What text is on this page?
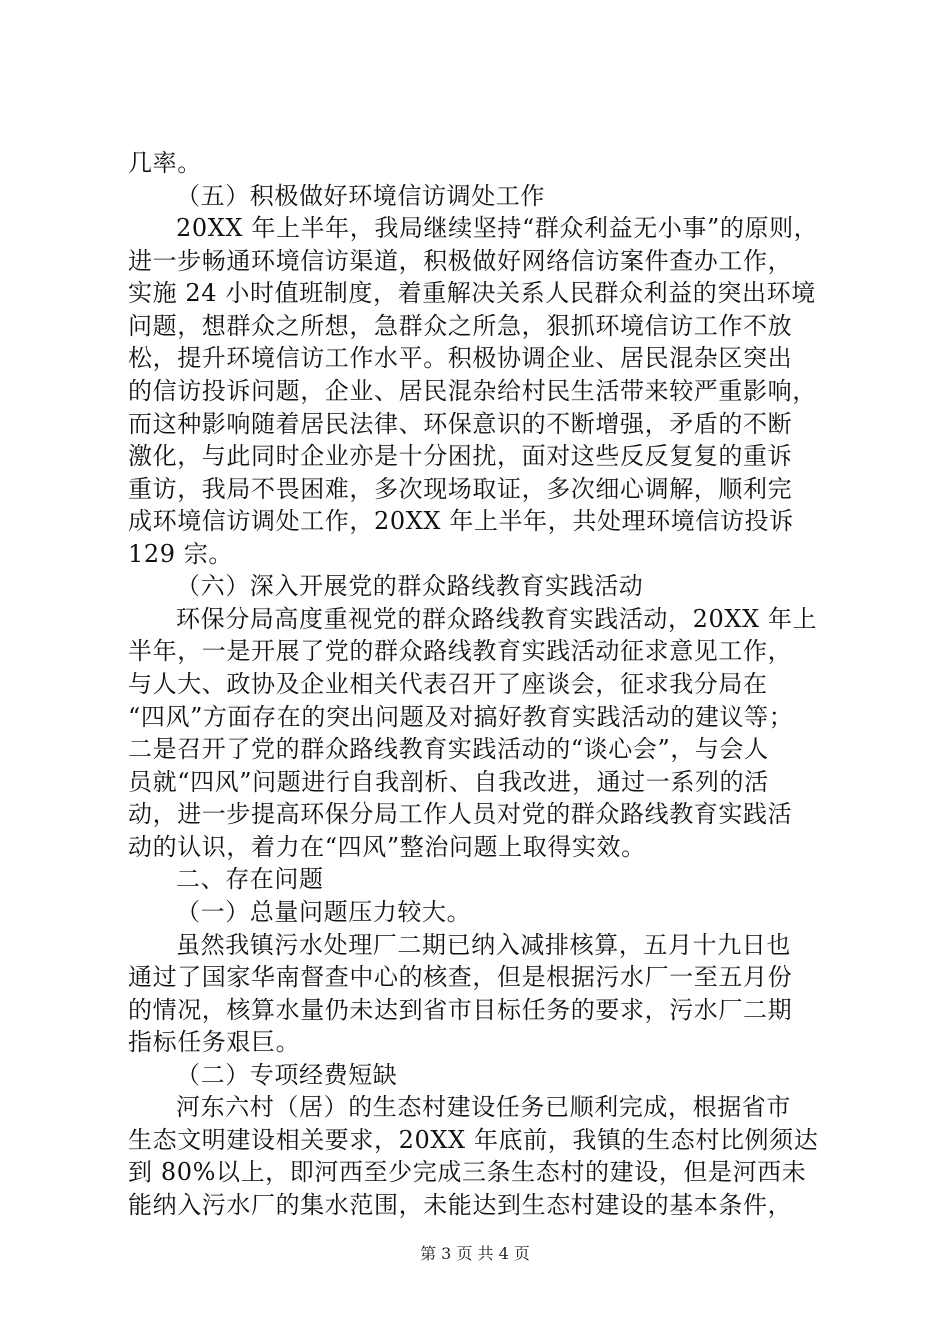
几率。
（五）积极做好环境信访调处工作
20XX 年上半年，我局继续坚持“群众利益无小事”的原则，
进一步畅通环境信访渠道，积极做好网络信访案件查办工作，
实施 24 小时值班制度，着重解决关系人民群众利益的突出环境
问题，想群众之所想，急群众之所急，狠抓环境信访工作不放
松，提升环境信访工作水平。积极协调企业、居民混杂区突出
的信访投诉问题，企业、居民混杂给村民生活带来较严重影响，
而这种影响随着居民法律、环保意识的不断增强，矛盾的不断
激化，与此同时企业亦是十分困扰，面对这些反反复复的重诉
重访，我局不畏困难，多次现场取证，多次细心调解，顺利完
成环境信访调处工作，20XX 年上半年，共处理环境信访投诉
129 宗。
（六）深入开展党的群众路线教育实践活动
环保分局高度重视党的群众路线教育实践活动，20XX 年上
半年，一是开展了党的群众路线教育实践活动征求意见工作，
与人大、政协及企业相关代表召开了座谈会，征求我分局在
“四风”方面存在的突出问题及对搞好教育实践活动的建议等；
二是召开了党的群众路线教育实践活动的“谈心会”，与会人
员就“四风”问题进行自我剖析、自我改进，通过一系列的活
动，进一步提高环保分局工作人员对党的群众路线教育实践活
动的认识，着力在“四风”整治问题上取得实效。
二、存在问题
（一）总量问题压力较大。
虽然我镇污水处理厂二期已纳入减排核算，五月十九日也
通过了国家华南督查中心的核查，但是根据污水厂一至五月份
的情况，核算水量仍未达到省市目标任务的要求，污水厂二期
指标任务艰巨。
（二）专项经费短缺
河东六村（居）的生态村建设任务已顺利完成，根据省市
生态文明建设相关要求，20XX 年底前，我镇的生态村比例须达
到 80%以上，即河西至少完成三条生态村的建设，但是河西未
能纳入污水厂的集水范围，未能达到生态村建设的基本条件，
第 3 页 共 4 页
